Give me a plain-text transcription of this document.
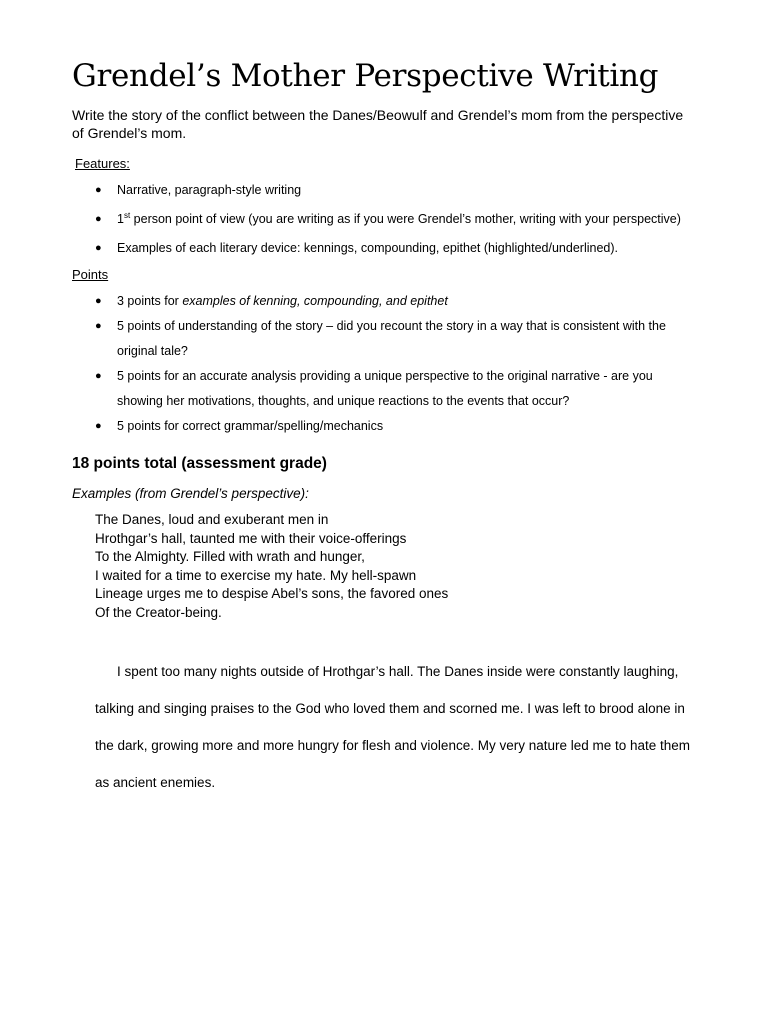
Grendel’s Mother Perspective Writing

Write the story of the conflict between the Danes/Beowulf and Grendel’s mom from the perspective of Grendel’s mom.

Features:

● Narrative, paragraph-style writing
● 1st person point of view (you are writing as if you were Grendel’s mother, writing with your perspective)
● Examples of each literary device: kennings, compounding, epithet (highlighted/underlined).

Points

● 3 points for examples of kenning, compounding, and epithet
● 5 points of understanding of the story – did you recount the story in a way that is consistent with the original tale?
● 5 points for an accurate analysis providing a unique perspective to the original narrative - are you showing her motivations, thoughts, and unique reactions to the events that occur?
● 5 points for correct grammar/spelling/mechanics

18 points total (assessment grade)

Examples (from Grendel’s perspective):

The Danes, loud and exuberant men in
Hrothgar’s hall, taunted me with their voice-offerings
To the Almighty. Filled with wrath and hunger,
I waited for a time to exercise my hate. My hell-spawn
Lineage urges me to despise Abel’s sons, the favored ones
Of the Creator-being.

I spent too many nights outside of Hrothgar’s hall. The Danes inside were constantly laughing, talking and singing praises to the God who loved them and scorned me. I was left to brood alone in the dark, growing more and more hungry for flesh and violence. My very nature led me to hate them as ancient enemies.
